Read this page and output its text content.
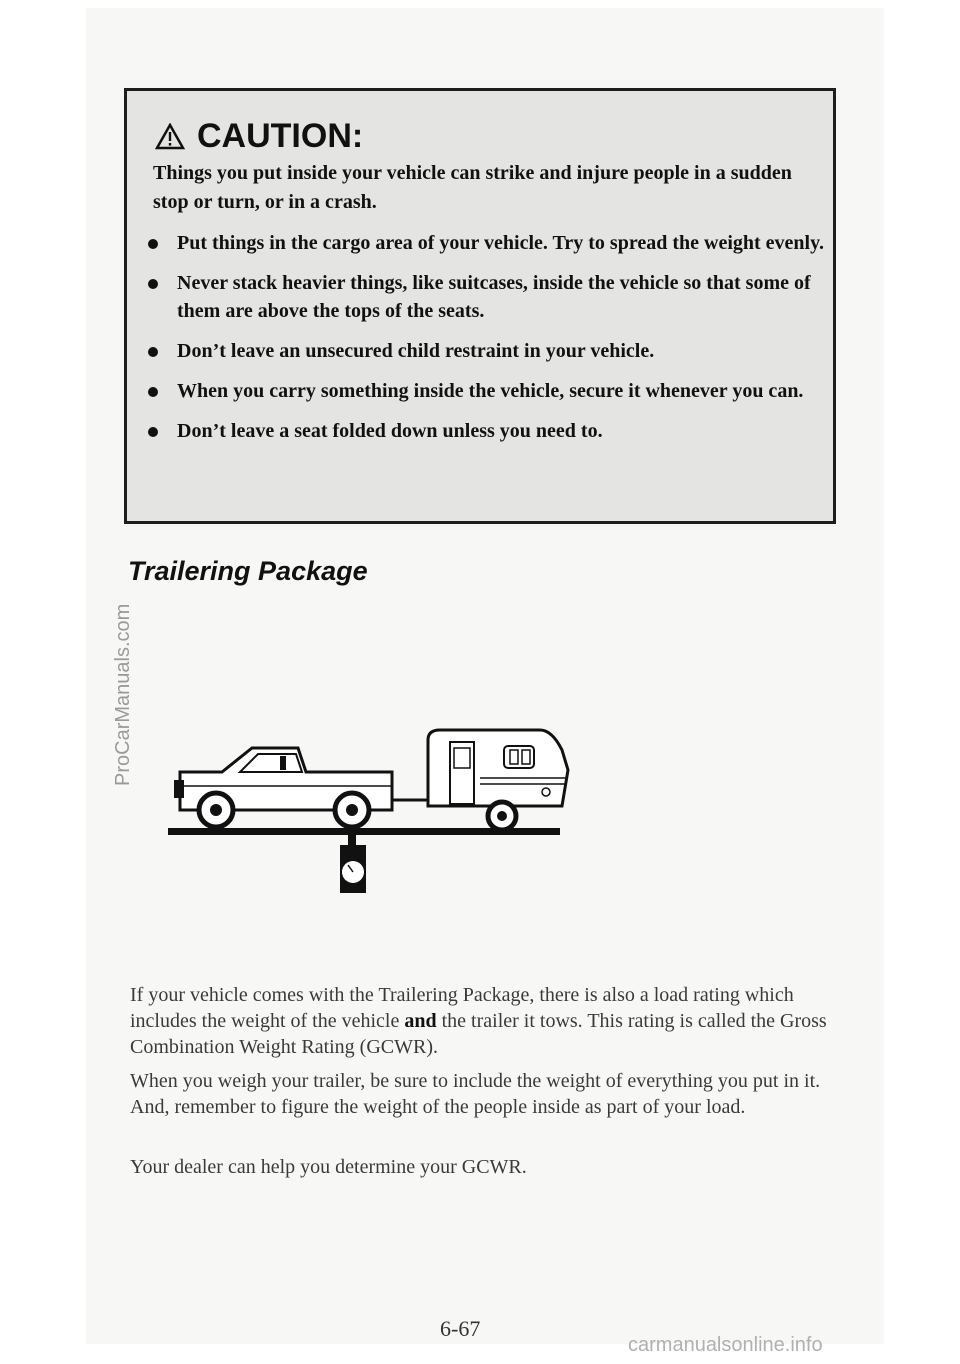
CAUTION:
Things you put inside your vehicle can strike and injure people in a sudden stop or turn, or in a crash.
Put things in the cargo area of your vehicle. Try to spread the weight evenly.
Never stack heavier things, like suitcases, inside the vehicle so that some of them are above the tops of the seats.
Don’t leave an unsecured child restraint in your vehicle.
When you carry something inside the vehicle, secure it whenever you can.
Don’t leave a seat folded down unless you need to.
Trailering Package

If your vehicle comes with the Trailering Package, there is also a load rating which includes the weight of the vehicle and the trailer it tows. This rating is called the Gross Combination Weight Rating (GCWR).

When you weigh your trailer, be sure to include the weight of everything you put in it. And, remember to figure the weight of the people inside as part of your load.

Your dealer can help you determine your GCWR.

6-67
ProCarManuals.com
carmanualsonline.info
